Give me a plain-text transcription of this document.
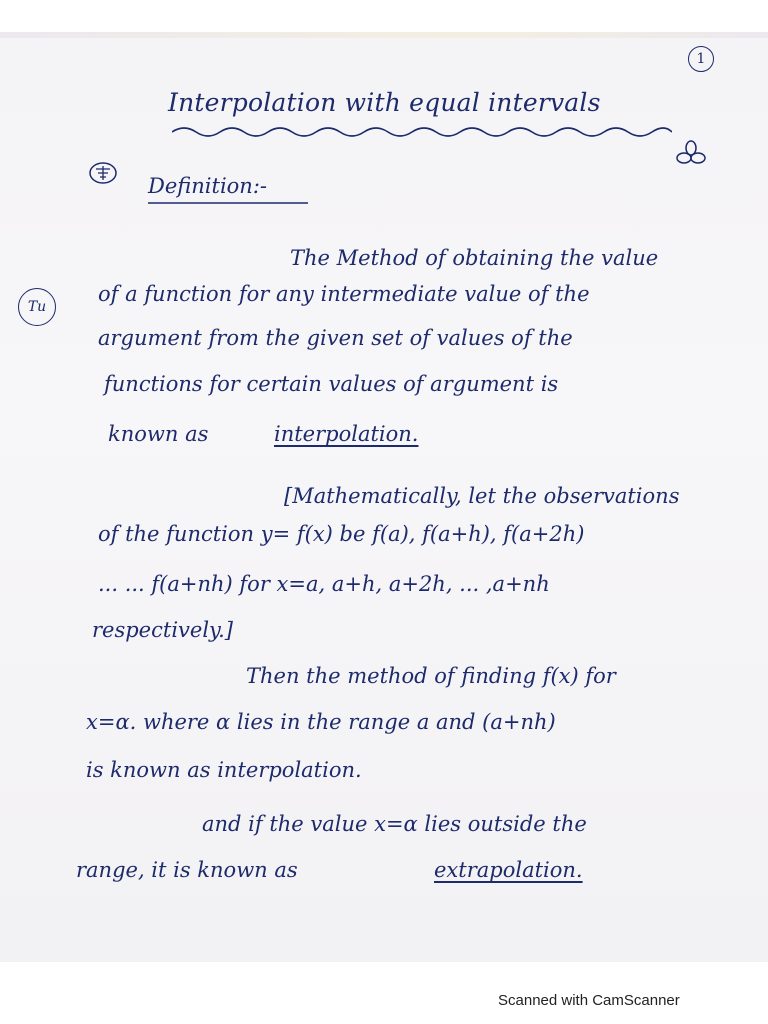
1
Interpolation with equal intervals
Definition:-
Tu
The Method of obtaining the value
of a function for any intermediate value of the
argument from the given set of values of the
functions for certain values of argument is
known as	interpolation.
[Mathematically, let the observations
of the function y= f(x) be f(a), f(a+h), f(a+2h)
... ... f(a+nh) for x=a, a+h, a+2h, ... ,a+nh
respectively.]
Then the method of finding f(x) for
x=α. where α lies in the range a and (a+nh)
is known as interpolation.
and if the value x=α lies outside the
range, it is known as	extrapolation.
Scanned with CamScanner
